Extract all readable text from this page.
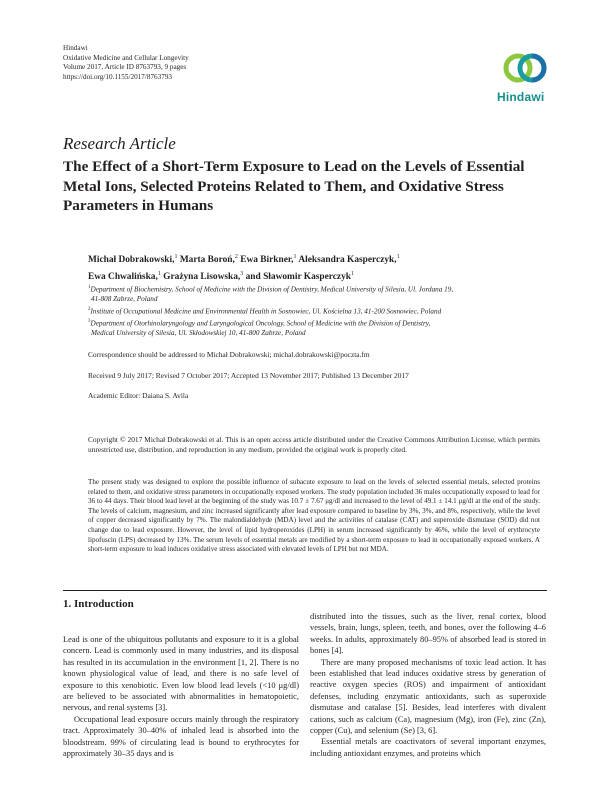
Hindawi
Oxidative Medicine and Cellular Longevity
Volume 2017, Article ID 8763793, 9 pages
https://doi.org/10.1155/2017/8763793
Hindawi
Research Article
The Effect of a Short-Term Exposure to Lead on the Levels of Essential Metal Ions, Selected Proteins Related to Them, and Oxidative Stress Parameters in Humans
Michał Dobrakowski,$^1$ Marta Boroń,$^2$ Ewa Birkner,$^1$ Aleksandra Kasperczyk,$^1$
Ewa Chwalińska,$^1$ Grażyna Lisowska,$^3$ and Sławomir Kasperczyk$^1$
$^1$Department of Biochemistry, School of Medicine with the Division of Dentistry, Medical University of Silesia, Ul. Jordana 19,
41-808 Zabrze, Poland
$^2$Institute of Occupational Medicine and Environmental Health in Sosnowiec, Ul. Kościelna 13, 41-200 Sosnowiec, Poland
$^3$Department of Otorhinolaryngology and Laryngological Oncology, School of Medicine with the Division of Dentistry,
Medical University of Silesia, Ul. Skłodowskiej 10, 41-800 Zabrze, Poland
Correspondence should be addressed to Michał Dobrakowski; michal.dobrakowski@poczta.fm
Received 9 July 2017; Revised 7 October 2017; Accepted 13 November 2017; Published 13 December 2017
Academic Editor: Daiana S. Avila
Copyright © 2017 Michał Dobrakowski et al. This is an open access article distributed under the Creative Commons Attribution License, which permits unrestricted use, distribution, and reproduction in any medium, provided the original work is properly cited.
The present study was designed to explore the possible influence of subacute exposure to lead on the levels of selected essential metals, selected proteins related to them, and oxidative stress parameters in occupationally exposed workers. The study population included 36 males occupationally exposed to lead for 36 to 44 days. Their blood lead level at the beginning of the study was 10.7 ± 7.67 μg/dl and increased to the level of 49.1 ± 14.1 μg/dl at the end of the study. The levels of calcium, magnesium, and zinc increased significantly after lead exposure compared to baseline by 3%, 3%, and 8%, respectively, while the level of copper decreased significantly by 7%. The malondialdehyde (MDA) level and the activities of catalase (CAT) and superoxide dismutase (SOD) did not change due to lead exposure. However, the level of lipid hydroperoxides (LPH) in serum increased significantly by 46%, while the level of erythrocyte lipofuscin (LPS) decreased by 13%. The serum levels of essential metals are modified by a short-term exposure to lead in occupationally exposed workers. A short-term exposure to lead induces oxidative stress associated with elevated levels of LPH but not MDA.
1. Introduction

Lead is one of the ubiquitous pollutants and exposure to it is a global concern. Lead is commonly used in many industries, and its disposal has resulted in its accumulation in the environment [1, 2]. There is no known physiological value of lead, and there is no safe level of exposure to this xenobiotic. Even low blood lead levels (<10 μg/dl) are believed to be associated with abnormalities in hematopoietic, nervous, and renal systems [3].

Occupational lead exposure occurs mainly through the respiratory tract. Approximately 30–40% of inhaled lead is absorbed into the bloodstream. 99% of circulating lead is bound to erythrocytes for approximately 30–35 days and is

distributed into the tissues, such as the liver, renal cortex, blood vessels, brain, lungs, spleen, teeth, and bones, over the following 4–6 weeks. In adults, approximately 80–95% of absorbed lead is stored in bones [4].

There are many proposed mechanisms of toxic lead action. It has been established that lead induces oxidative stress by generation of reactive oxygen species (ROS) and impairment of antioxidant defenses, including enzymatic antioxidants, such as superoxide dismutase and catalase [5]. Besides, lead interferes with divalent cations, such as calcium (Ca), magnesium (Mg), iron (Fe), zinc (Zn), copper (Cu), and selenium (Se) [3, 6].

Essential metals are coactivators of several important enzymes, including antioxidant enzymes, and proteins which
